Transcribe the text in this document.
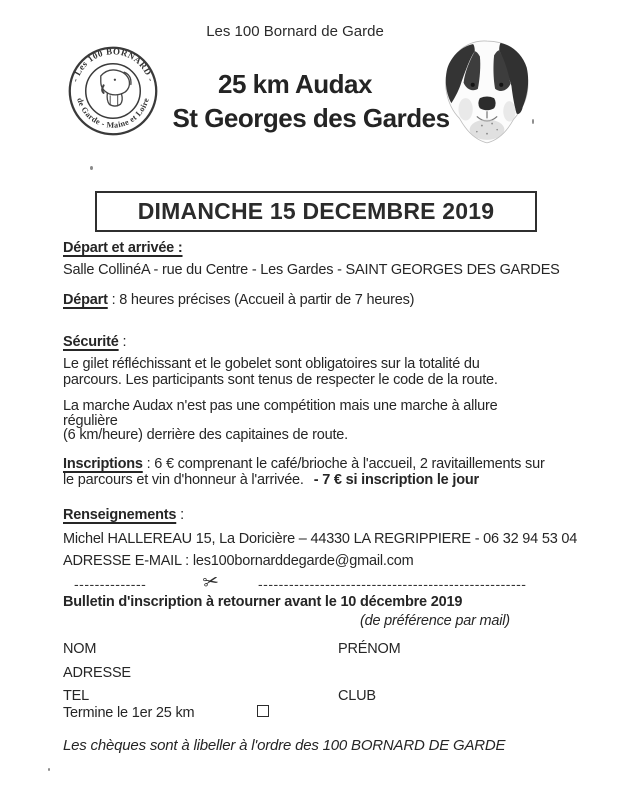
Les 100 Bornard de Garde
- Les 100 BORNARD -
de Garde - Maine et Loire
25 km Audax
St Georges des Gardes
DIMANCHE 15 DECEMBRE 2019
Départ et arrivée :
Salle CollinéA - rue du Centre - Les Gardes - SAINT GEORGES DES GARDES
Départ : 8 heures précises (Accueil à partir de 7 heures)
Sécurité :
Le gilet réfléchissant et le gobelet sont obligatoires sur la totalité du
parcours. Les participants sont tenus de respecter le code de la route.
La marche Audax n'est pas une compétition mais une marche à allure
régulière
(6 km/heure) derrière des capitaines de route.
Inscriptions : 6 € comprenant le café/brioche à l'accueil, 2 ravitaillements sur
le parcours et vin d'honneur à l'arrivée. - 7 € si inscription le jour
Renseignements :
Michel HALLEREAU 15, La Doricière – 44330 LA REGRIPPIERE - 06 32 94 53 04
ADRESSE E-MAIL : les100bornarddegarde@gmail.com
--------------	✂	----------------------------------------------------
Bulletin d'inscription à retourner avant le 10 décembre 2019
(de préférence par mail)
NOM	PRÉNOM
ADRESSE
TEL	CLUB
Termine le 1er 25 km
Les chèques sont à libeller à l'ordre des 100 BORNARD DE GARDE
